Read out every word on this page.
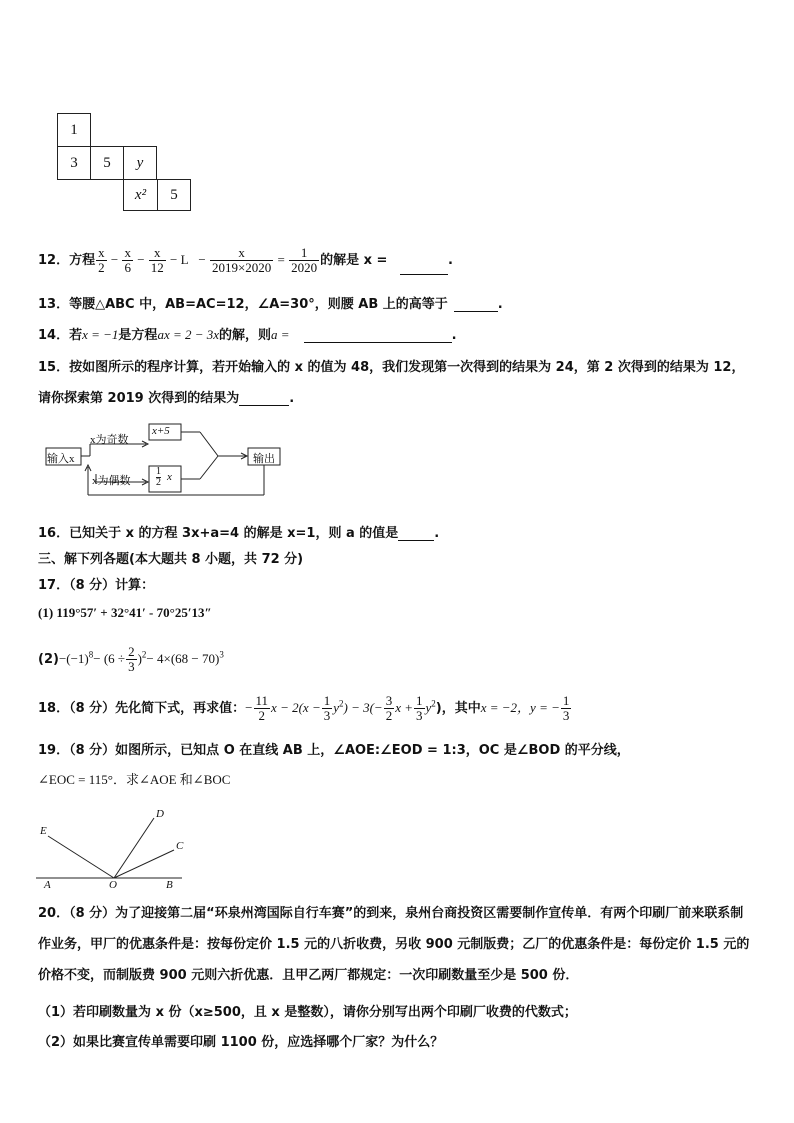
1
3	5	y
x²	5
12．方程 $\frac{x}{2} - \frac{x}{6} - \frac{x}{12} - L - \frac{x}{2019\times 2020} = \frac{1}{2020}$ 的解是 x =	.
13．等腰△ABC 中，AB=AC=12，∠A=30°，则腰 AB 上的高等于	.
14．若x = −1是方程ax = 2 − 3x的解，则a =	.
15．按如图所示的程序计算，若开始输入的 x 的值为 48，我们发现第一次得到的结果为 24，第 2 次得到的结果为 12，
请你探索第 2019 次得到的结果为	.
输入x
x为奇数
x为偶数
x+5
1
2 x
输出
16．已知关于 x 的方程 3x+a=4 的解是 x=1，则 a 的值是	.
三、解下列各题(本大题共 8 小题，共 72 分)
17．（8 分）计算：
(1) 119°57′ + 32°41′ - 70°25′13″
$(2)-(-1)^8- (6 \div \frac{2}{3} )^2- 4\times(68 - 70)^3$
18．（8 分）先化简下式，再求值：− $\frac{11}{2}$ $x - 2(x - \frac{1}{3} y^2) - 3(- \frac{3}{2}$ $x + \frac{1}{3} y^2$)，其中x = −2，y = − $\frac{1}{3}$
19．（8 分）如图所示，已知点 O 在直线 AB 上，∠AOE:∠EOD = 1:3，OC 是∠BOD 的平分线，
∠EOC = 115°．求∠AOE 和∠BOC
E
D
C
A	O	B
20．（8 分）为了迎接第二届“环泉州湾国际自行车赛”的到来，泉州台商投资区需要制作宣传单．有两个印刷厂前来联系制作业务，甲厂的优惠条件是：按每份定价 1.5 元的八折收费，另收 900 元制版费；乙厂的优惠条件是：每份定价 1.5 元的价格不变，而制版费 900 元则六折优惠．且甲乙两厂都规定：一次印刷数量至少是 500 份．
（1）若印刷数量为 x 份（x≥500，且 x 是整数），请你分别写出两个印刷厂收费的代数式；
（2）如果比赛宣传单需要印刷 1100 份，应选择哪个厂家？为什么？
